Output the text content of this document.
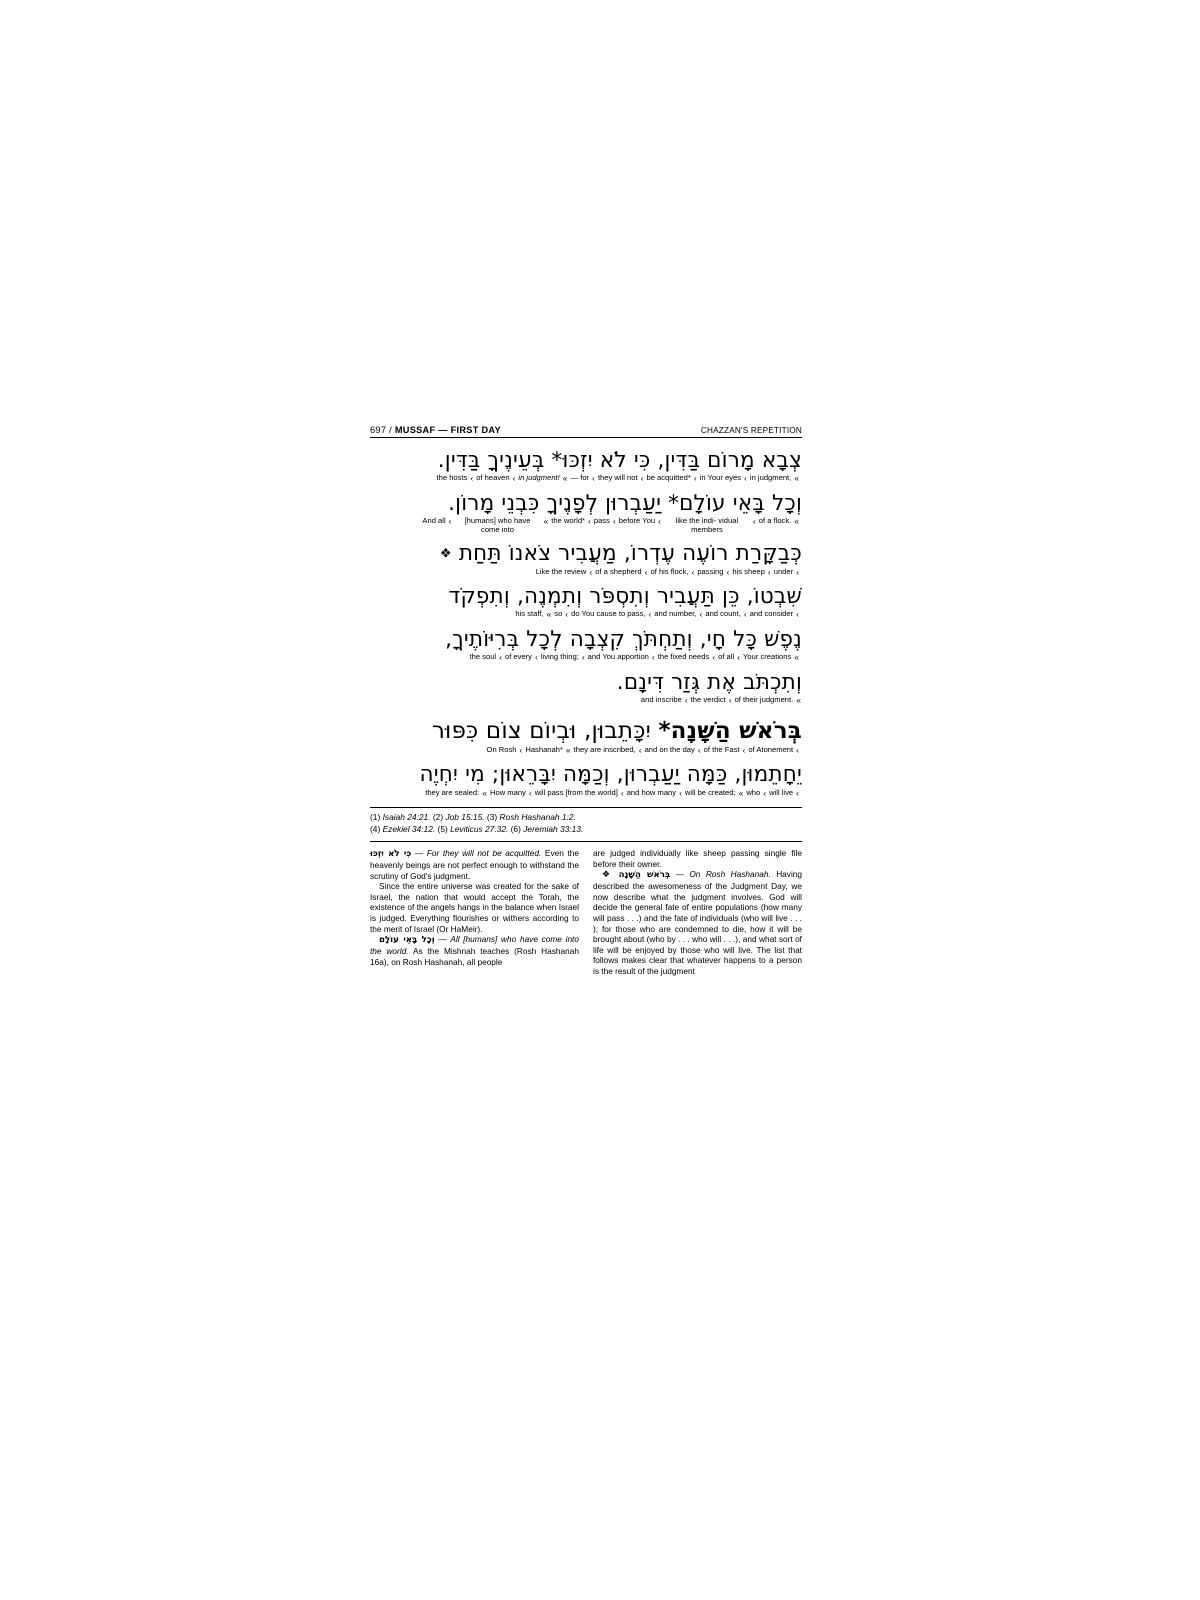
697 / MUSSAF — FIRST DAY	CHAZZAN'S REPETITION
צְבָא מָרוֹם בַּדִּין, כִּי לֹא יִזְכּוּ* בְּעֵינֶיךָ בַּדִּין.
«
in judgment,
‹
in Your eyes
‹
be acquitted*
‹
they will not
‹
— for
«
in judgment!
‹
of heaven
‹
the hosts
וְכָל בָּאֵי עוֹלָם* יַעַבְרוּן לְפָנֶיךָ כִּבְנֵי מָרוֹן.
«
of a flock.
‹
like the indi- vidual members
‹
before You
‹
pass
‹
the world*
«
[humans] who have come into
‹
And all
כְּבַקָּרַת רוֹעֶה עֶדְרוֹ, מַעֲבִיר צֹאנוֹ תַּחַת ❖
‹
under
‹
his sheep
‹
passing
‹
of his flock,
‹
of a shepherd
‹
Like the review
שִׁבְטוֹ, כֵּן תַּעֲבִיר וְתִסְפֹּר וְתִמְנֶה, וְתִפְקֹד
‹
and consider
‹
and count,
‹
and number,
‹
do You cause to pass,
‹
so
«
his staff,
נֶפֶשׁ כָּל חָי, וְתַחְתֹּךְ קִצְבָה לְכָל בְּרִיּוֹתֶיךָ,
«
Your creations
‹
of all
‹
the fixed needs
‹
and You apportion
‹
living thing;
‹
of every
‹
the soul
וְתִכְתֹּב אֶת גְּזַר דִּינָם.
«
of their judgment.
‹
the verdict
‹
and inscribe
בְּרֹאשׁ הַשָּׁנָה* יִכָּתֵבוּן, וּבְיוֹם צוֹם כִּפּוּר
‹
of Atonement
‹
of the Fast
‹
and on the day
‹
they are inscribed,
«
Hashanah*
‹
On Rosh
יֵחָתֵמוּן, כַּמָּה יַעַבְרוּן, וְכַמָּה יִבָּרֵאוּן; מִי יִחְיֶה
‹
will live
‹
who
«
will be created;
‹
and how many
‹
will pass [from the world]
‹
How many
«
they are sealed:
(1) Isaiah 24:21. (2) Job 15:15. (3) Rosh Hashanah 1:2.
(4) Ezekiel 34:12. (5) Leviticus 27:32. (6) Jeremiah 33:13.

כִּי לֹא יִזְכּוּ — For they will not be acquitted. Even the heavenly beings are not perfect enough to withstand the scrutiny of God's judgment.

Since the entire universe was created for the sake of Israel, the nation that would accept the Torah, the existence of the angels hangs in the balance when Israel is judged. Everything flourishes or withers according to the merit of Israel (Or HaMeir).

וְכָל בָּאֵי עוֹלָם — All [humans] who have come into the world. As the Mishnah teaches (Rosh Hashanah 16a), on Rosh Hashanah, all people

are judged individually like sheep passing single file before their owner.

❖ בְּרֹאשׁ הַשָּׁנָה — On Rosh Hashanah. Having described the awesomeness of the Judgment Day, we now describe what the judgment involves. God will decide the general fate of entire populations (how many will pass . . .) and the fate of individuals (who will live . . . ); for those who are condemned to die, how it will be brought about (who by . . . who will . . .), and what sort of life will be enjoyed by those who will live. The list that follows makes clear that whatever happens to a person is the result of the judgment
